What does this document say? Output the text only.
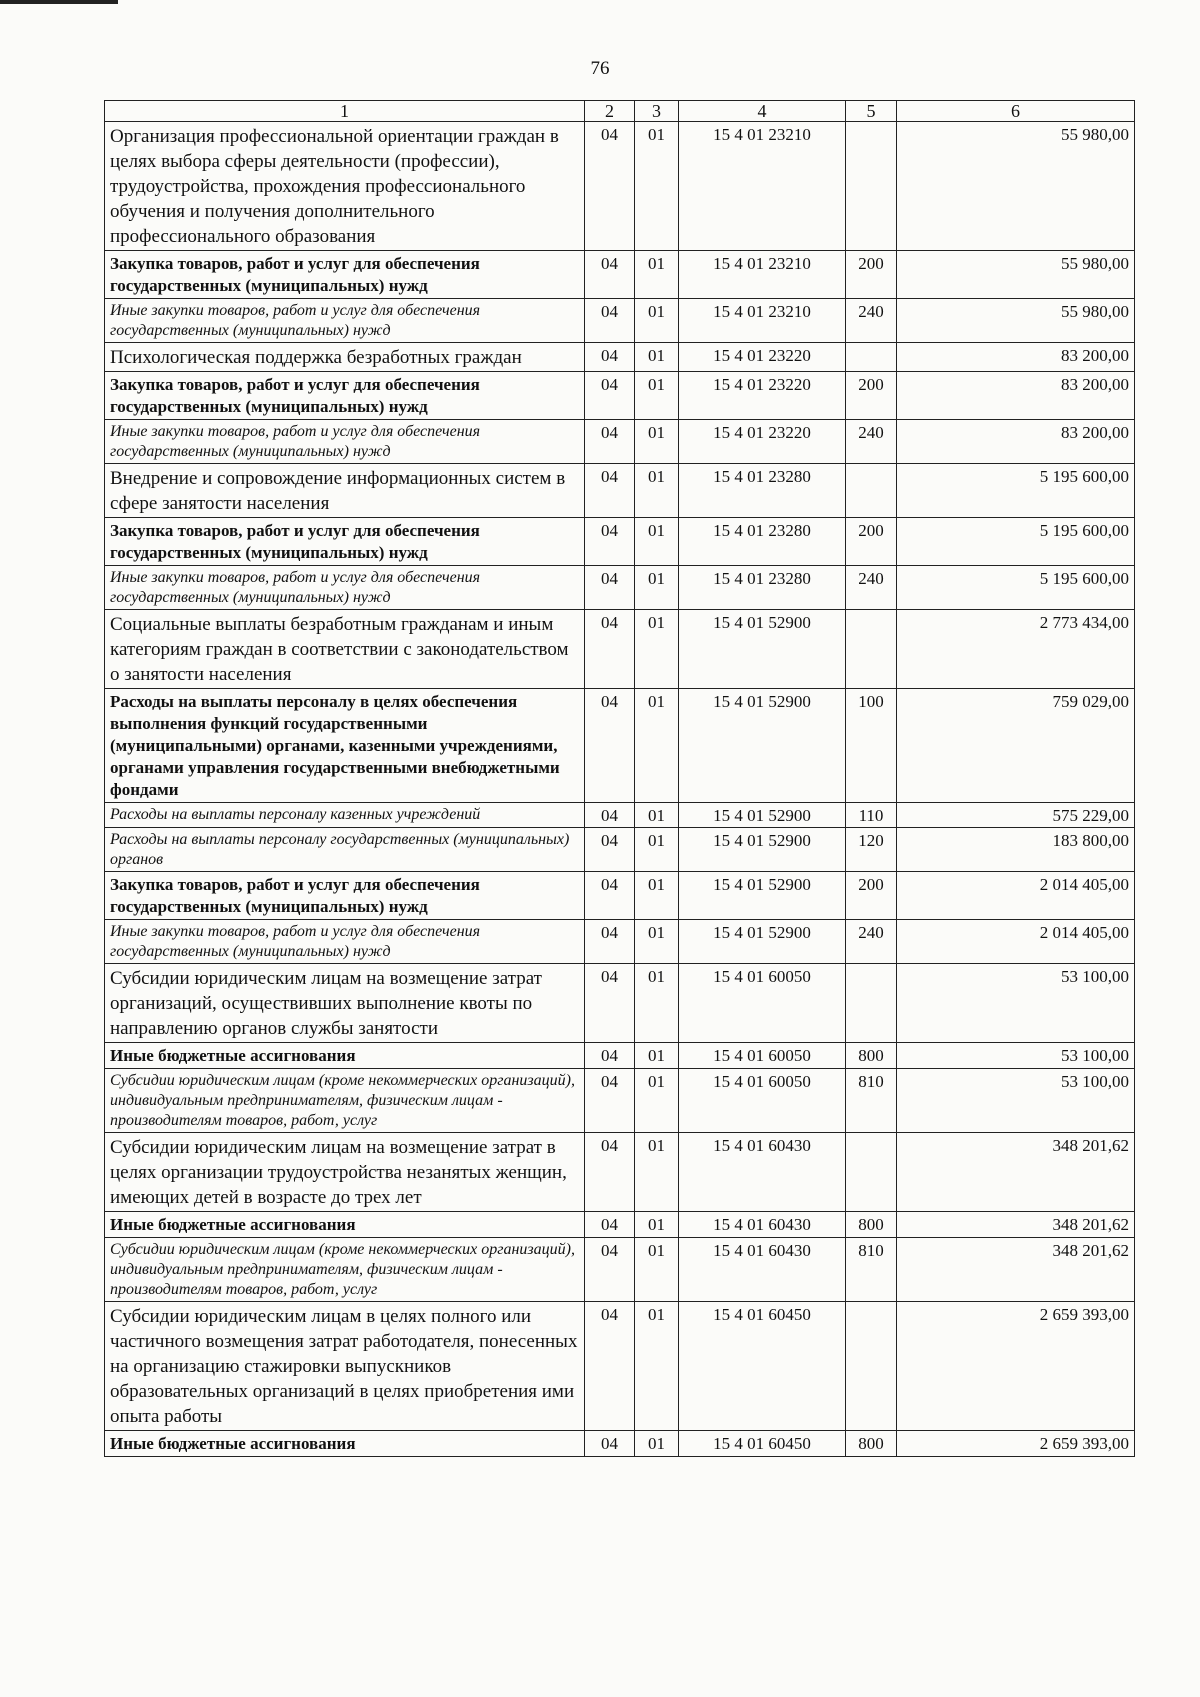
76
1	2	3	4	5	6
Организация профессиональной ориентации граждан в целях выбора сферы деятельности (профессии), трудоустройства, прохождения профессионального обучения и получения дополнительного профессионального образования	04	01	15 4 01 23210		55 980,00
Закупка товаров, работ и услуг для обеспечения государственных (муниципальных) нужд	04	01	15 4 01 23210	200	55 980,00
Иные закупки товаров, работ и услуг для обеспечения государственных (муниципальных) нужд	04	01	15 4 01 23210	240	55 980,00
Психологическая поддержка безработных граждан	04	01	15 4 01 23220		83 200,00
Закупка товаров, работ и услуг для обеспечения государственных (муниципальных) нужд	04	01	15 4 01 23220	200	83 200,00
Иные закупки товаров, работ и услуг для обеспечения государственных (муниципальных) нужд	04	01	15 4 01 23220	240	83 200,00
Внедрение и сопровождение информационных систем в сфере занятости населения	04	01	15 4 01 23280		5 195 600,00
Закупка товаров, работ и услуг для обеспечения государственных (муниципальных) нужд	04	01	15 4 01 23280	200	5 195 600,00
Иные закупки товаров, работ и услуг для обеспечения государственных (муниципальных) нужд	04	01	15 4 01 23280	240	5 195 600,00
Социальные выплаты безработным гражданам и иным категориям граждан в соответствии с законодательством о занятости населения	04	01	15 4 01 52900		2 773 434,00
Расходы на выплаты персоналу в целях обеспечения выполнения функций государственными (муниципальными) органами, казенными учреждениями, органами управления государственными внебюджетными фондами	04	01	15 4 01 52900	100	759 029,00
Расходы на выплаты персоналу казенных учреждений	04	01	15 4 01 52900	110	575 229,00
Расходы на выплаты персоналу государственных (муниципальных) органов	04	01	15 4 01 52900	120	183 800,00
Закупка товаров, работ и услуг для обеспечения государственных (муниципальных) нужд	04	01	15 4 01 52900	200	2 014 405,00
Иные закупки товаров, работ и услуг для обеспечения государственных (муниципальных) нужд	04	01	15 4 01 52900	240	2 014 405,00
Субсидии юридическим лицам на возмещение затрат организаций, осуществивших выполнение квоты по направлению органов службы занятости	04	01	15 4 01 60050		53 100,00
Иные бюджетные ассигнования	04	01	15 4 01 60050	800	53 100,00
Субсидии юридическим лицам (кроме некоммерческих организаций), индивидуальным предпринимателям, физическим лицам - производителям товаров, работ, услуг	04	01	15 4 01 60050	810	53 100,00
Субсидии юридическим лицам на возмещение затрат в целях организации трудоустройства незанятых женщин, имеющих детей в возрасте до трех лет	04	01	15 4 01 60430		348 201,62
Иные бюджетные ассигнования	04	01	15 4 01 60430	800	348 201,62
Субсидии юридическим лицам (кроме некоммерческих организаций), индивидуальным предпринимателям, физическим лицам - производителям товаров, работ, услуг	04	01	15 4 01 60430	810	348 201,62
Субсидии юридическим лицам в целях полного или частичного возмещения затрат работодателя, понесенных на организацию стажировки выпускников образовательных организаций в целях приобретения ими опыта работы	04	01	15 4 01 60450		2 659 393,00
Иные бюджетные ассигнования	04	01	15 4 01 60450	800	2 659 393,00
